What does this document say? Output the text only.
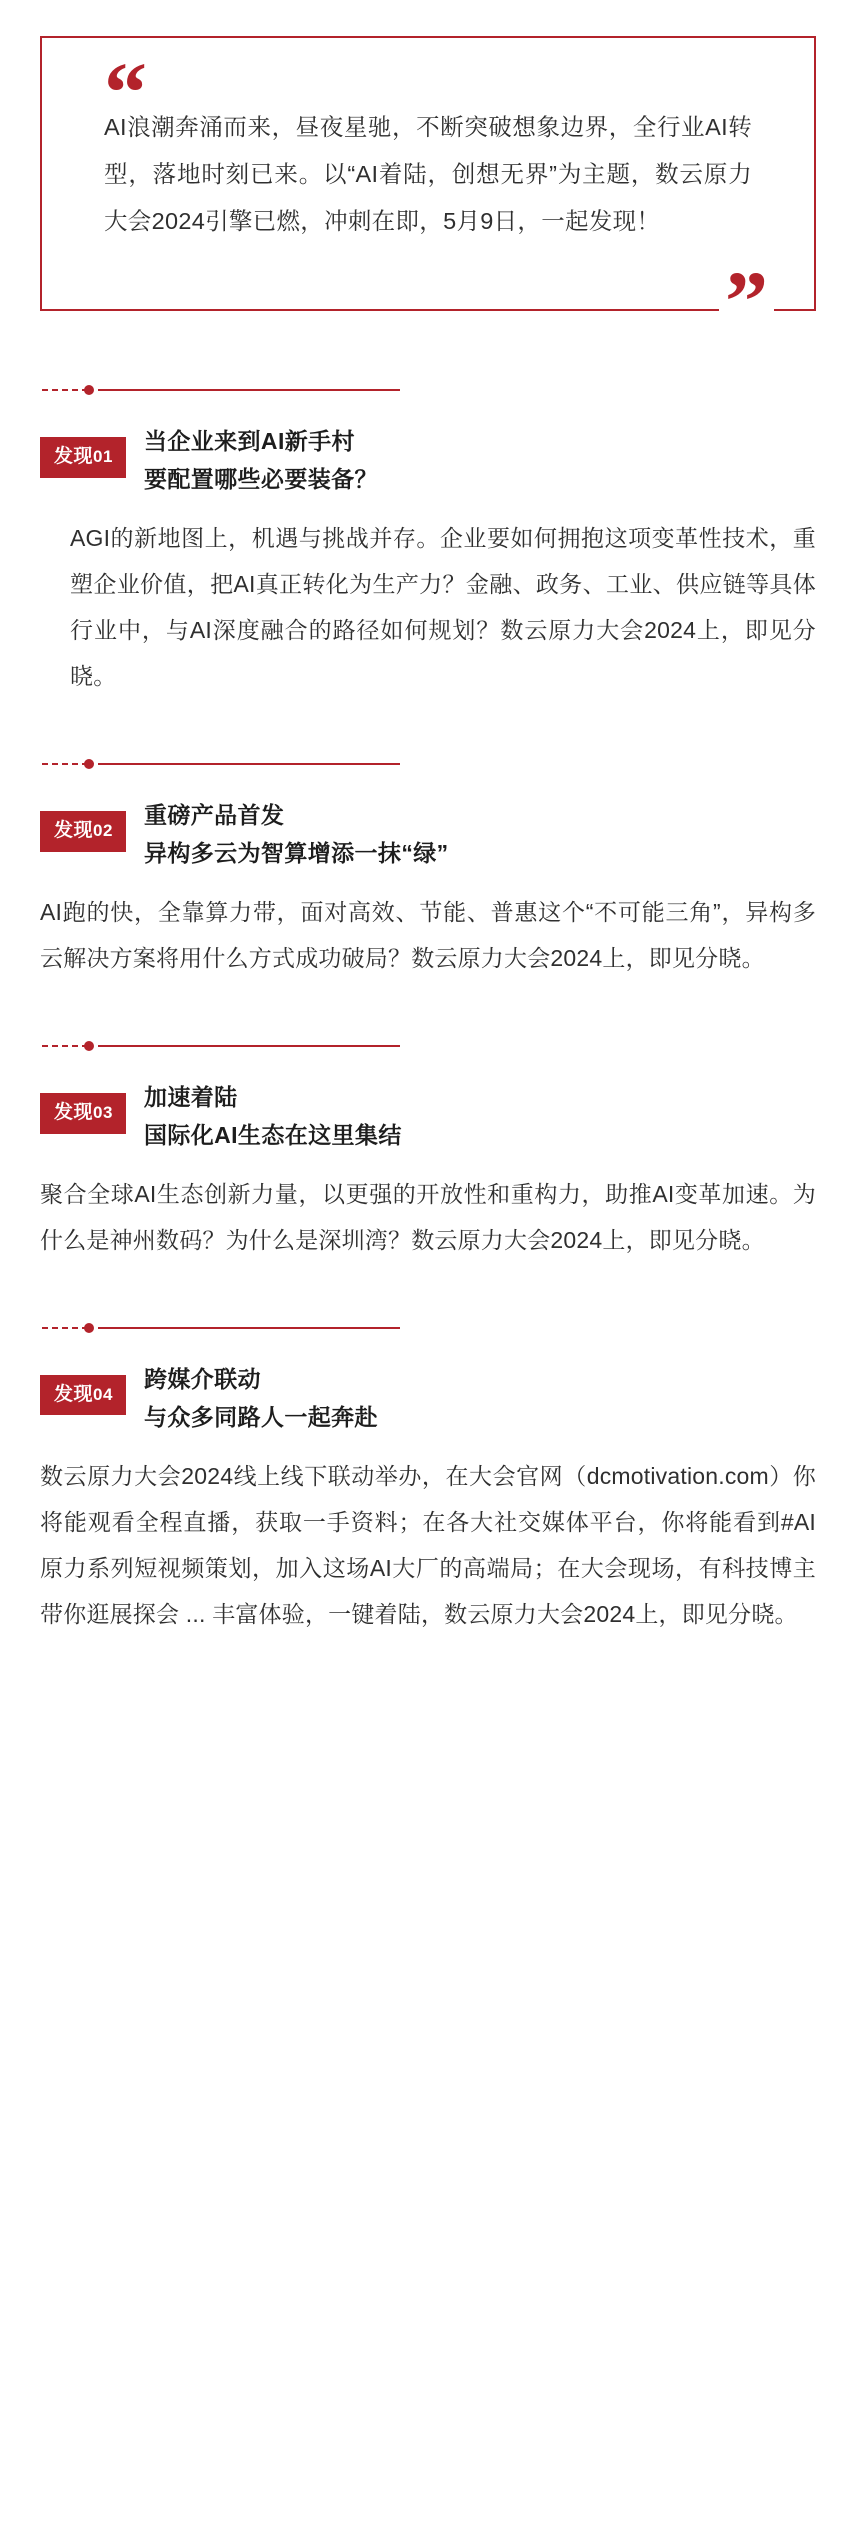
“
AI浪潮奔涌而来，昼夜星驰，不断突破想象边界，全行业AI转型，落地时刻已来。以“AI着陆，创想无界”为主题，数云原力大会2024引擎已燃，冲刺在即，5月9日，一起发现！
”
发现01
当企业来到AI新手村
要配置哪些必要装备？
AGI的新地图上，机遇与挑战并存。企业要如何拥抱这项变革性技术，重塑企业价值，把AI真正转化为生产力？金融、政务、工业、供应链等具体行业中，与AI深度融合的路径如何规划？数云原力大会2024上，即见分晓。
发现02
重磅产品首发
异构多云为智算增添一抹“绿”
AI跑的快，全靠算力带，面对高效、节能、普惠这个“不可能三角”，异构多云解决方案将用什么方式成功破局？数云原力大会2024上，即见分晓。
发现03
加速着陆
国际化AI生态在这里集结
聚合全球AI生态创新力量，以更强的开放性和重构力，助推AI变革加速。为什么是神州数码？为什么是深圳湾？数云原力大会2024上，即见分晓。
发现04
跨媒介联动
与众多同路人一起奔赴
数云原力大会2024线上线下联动举办，在大会官网（dcmotivation.com）你将能观看全程直播，获取一手资料；在各大社交媒体平台，你将能看到#AI原力系列短视频策划，加入这场AI大厂的高端局；在大会现场，有科技博主带你逛展探会 ... 丰富体验，一键着陆，数云原力大会2024上，即见分晓。
